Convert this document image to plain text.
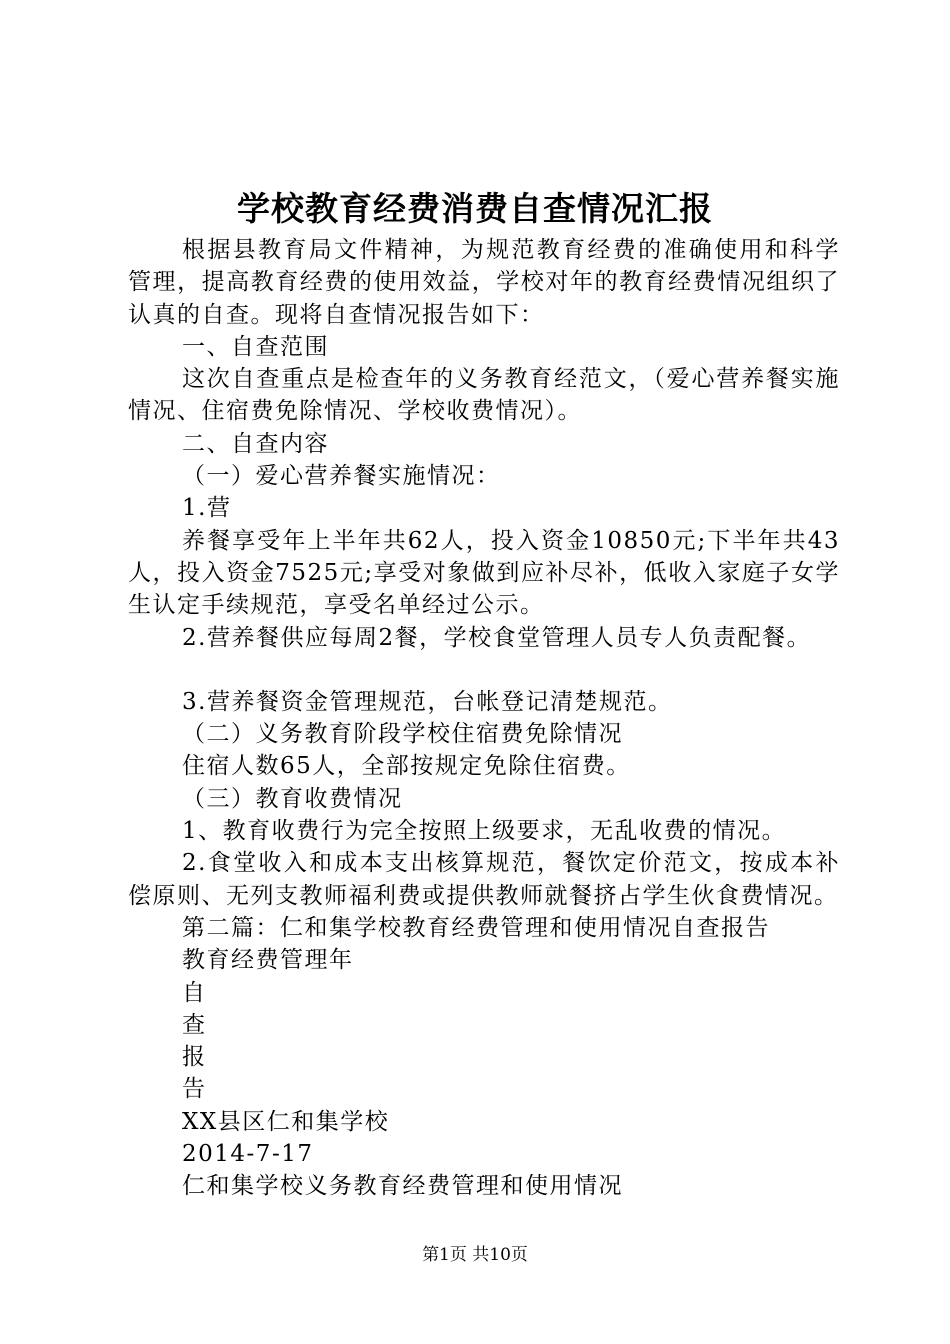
学校教育经费消费自查情况汇报

根据县教育局文件精神，为规范教育经费的准确使用和科学管理，提高教育经费的使用效益，学校对年的教育经费情况组织了认真的自查。现将自查情况报告如下：

一、自查范围

这次自查重点是检查年的义务教育经范文，（爱心营养餐实施情况、住宿费免除情况、学校收费情况）。

二、自查内容

（一）爱心营养餐实施情况：

1.营

养餐享受年上半年共62人，投入资金10850元;下半年共43人，投入资金7525元;享受对象做到应补尽补，低收入家庭子女学生认定手续规范，享受名单经过公示。

2.营养餐供应每周2餐，学校食堂管理人员专人负责配餐。

3.营养餐资金管理规范，台帐登记清楚规范。

（二）义务教育阶段学校住宿费免除情况

住宿人数65人，全部按规定免除住宿费。

（三）教育收费情况

1、教育收费行为完全按照上级要求，无乱收费的情况。

2.食堂收入和成本支出核算规范，餐饮定价范文，按成本补偿原则、无列支教师福利费或提供教师就餐挤占学生伙食费情况。

第二篇：仁和集学校教育经费管理和使用情况自查报告

教育经费管理年

自

查

报

告

XX县区仁和集学校

2014-7-17

仁和集学校义务教育经费管理和使用情况

第1页 共10页
